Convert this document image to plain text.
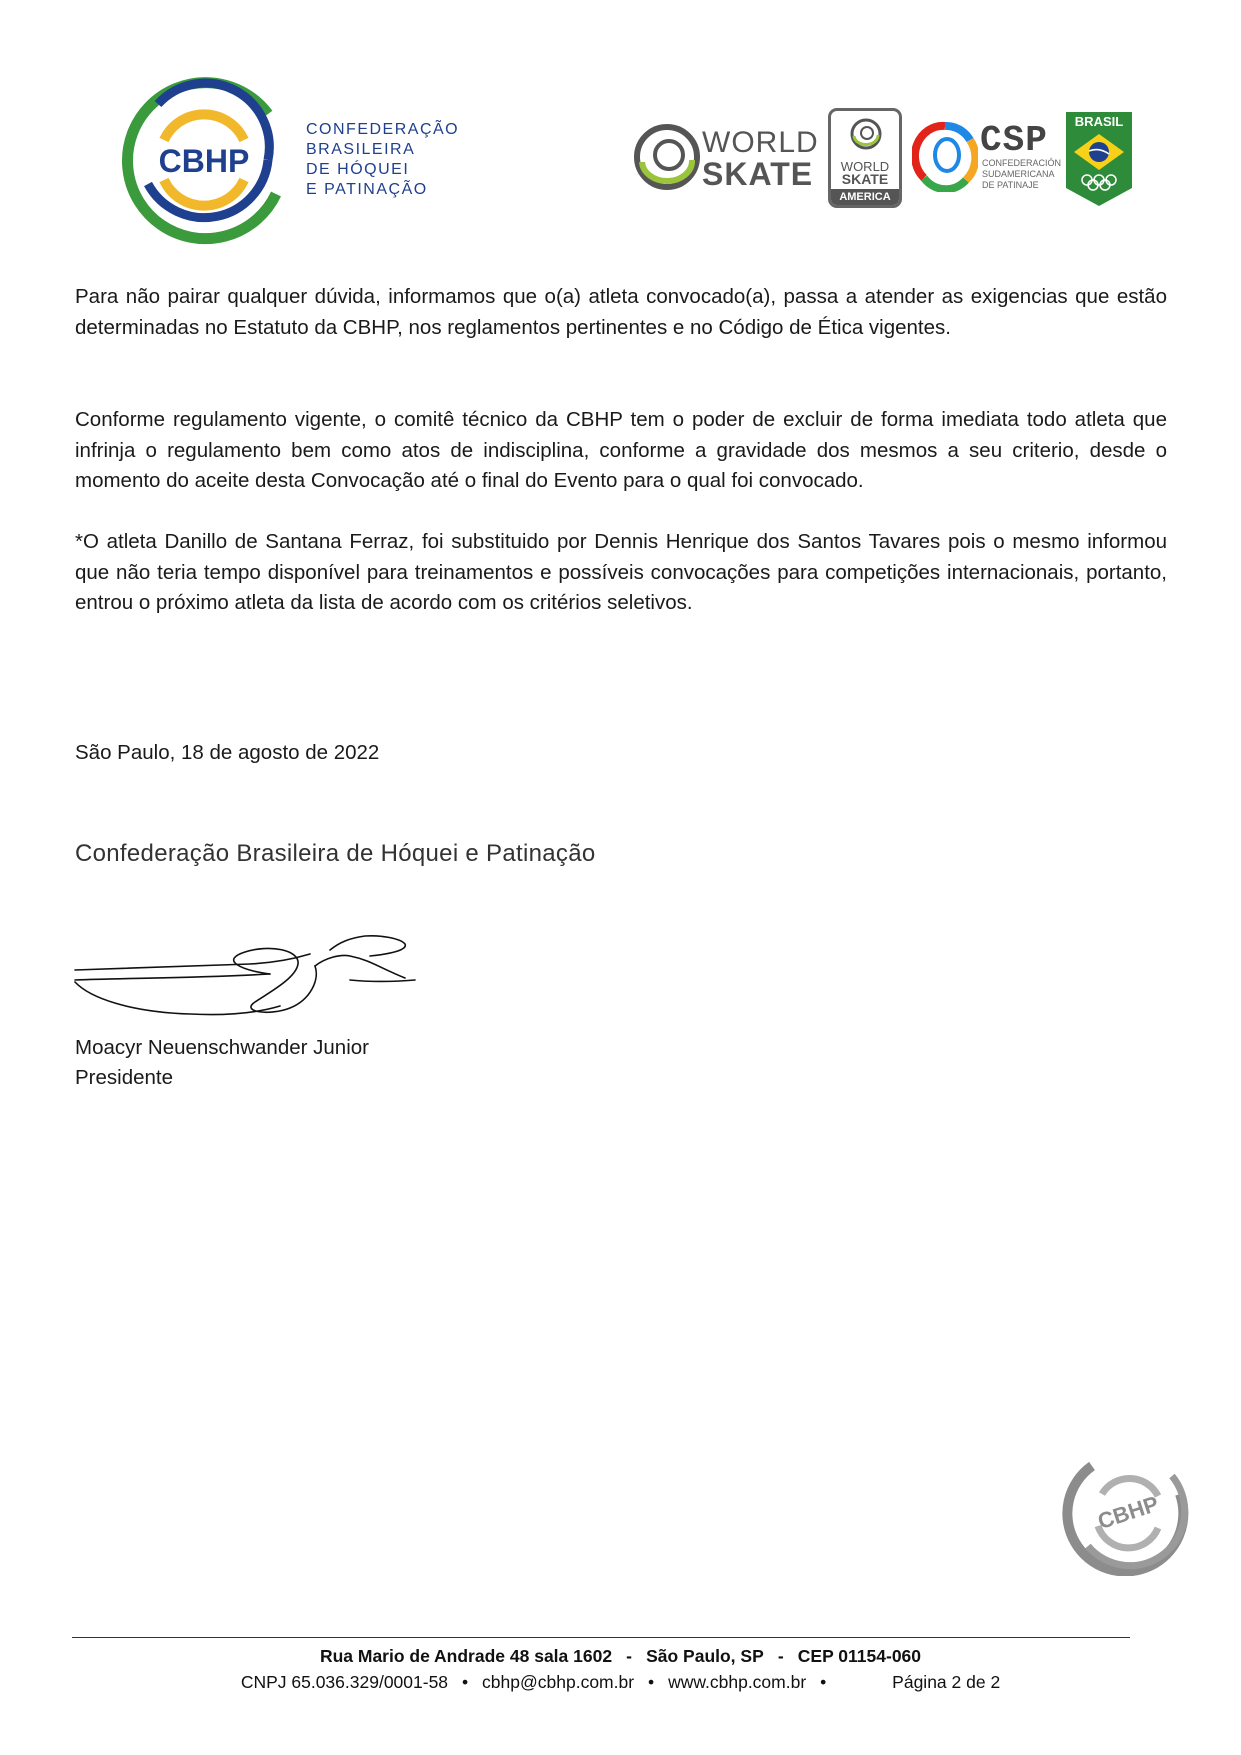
CBHP
CONFEDERAÇÃO
BRASILEIRA
DE HÓQUEI
E PATINAÇÃO
WORLD
SKATE	WORLD
SKATE
AMERICA
CSP
CONFEDERACIÓN
SUDAMERICANA
DE PATINAJE
BRASIL
Para não pairar qualquer dúvida, informamos que o(a) atleta convocado(a), passa a atender as exigencias que estão determinadas no Estatuto da CBHP, nos reglamentos pertinentes e no Código de Ética vigentes.
Conforme regulamento vigente, o comitê técnico da CBHP tem o poder de excluir de forma imediata todo atleta que infrinja o regulamento bem como atos de indisciplina, conforme a gravidade dos mesmos a seu criterio, desde o momento do aceite desta Convocação até o final do Evento para o qual foi convocado.
*O atleta Danillo de Santana Ferraz, foi substituido por Dennis Henrique dos Santos Tavares pois o mesmo informou que não teria tempo disponível para treinamentos e possíveis convocações para competições internacionais, portanto, entrou o próximo atleta da lista de acordo com os critérios seletivos.
São Paulo, 18 de agosto de 2022
Confederação Brasileira de Hóquei e Patinação
Moacyr Neuenschwander Junior
Presidente
CBHP
Rua Mario de Andrade 48 sala 1602 - São Paulo, SP - CEP 01154-060
CNPJ 65.036.329/0001-58 • cbhp@cbhp.com.br • www.cbhp.com.br •	Página 2 de 2
